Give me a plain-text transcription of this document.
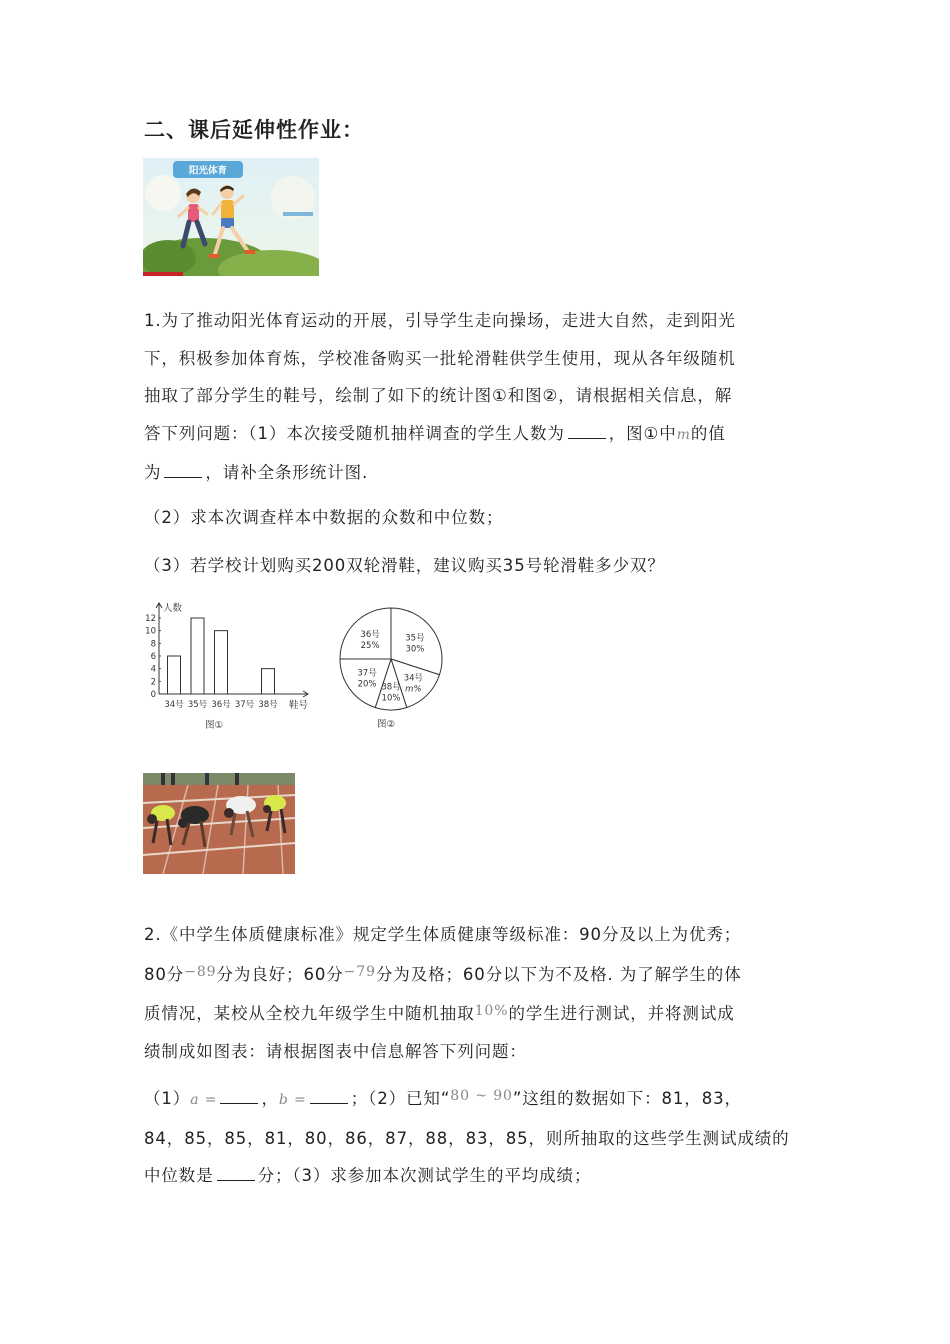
二、课后延伸性作业：
阳光体育
1.为了推动阳光体育运动的开展，引导学生走向操场，走进大自然，走到阳光
下，积极参加体育炼，学校准备购买一批轮滑鞋供学生使用，现从各年级随机
抽取了部分学生的鞋号，绘制了如下的统计图①和图②，请根据相关信息，解
答下列问题：（1）本次接受随机抽样调查的学生人数为	，图①中m的值
为	，请补全条形统计图.
（2）求本次调查样本中数据的众数和中位数；
（3）若学校计划购买200双轮滑鞋，建议购买35号轮滑鞋多少双？
人数
鞋号
图①
0
2
4
6
8
10
12
34号 35号 36号 37号 38号
35号
30%
34号
m%
38号
10%
37号
20%
36号
25%
图②
2.《中学生体质健康标准》规定学生体质健康等级标准：90分及以上为优秀；
80分$^{-89}$分为良好；60分$^{-79}$分为及格；60分以下为不及格. 为了解学生的体
质情况，某校从全校九年级学生中随机抽取$^{10\%}$的学生进行测试，并将测试成
绩制成如图表：请根据图表中信息解答下列问题：
（1）a =	，b =	；（2）已知“$^{80 \sim 90}$”这组的数据如下：81，83，
84，85，85，81，80，86，87，88，83，85，则所抽取的这些学生测试成绩的
中位数是	分；（3）求参加本次测试学生的平均成绩；
